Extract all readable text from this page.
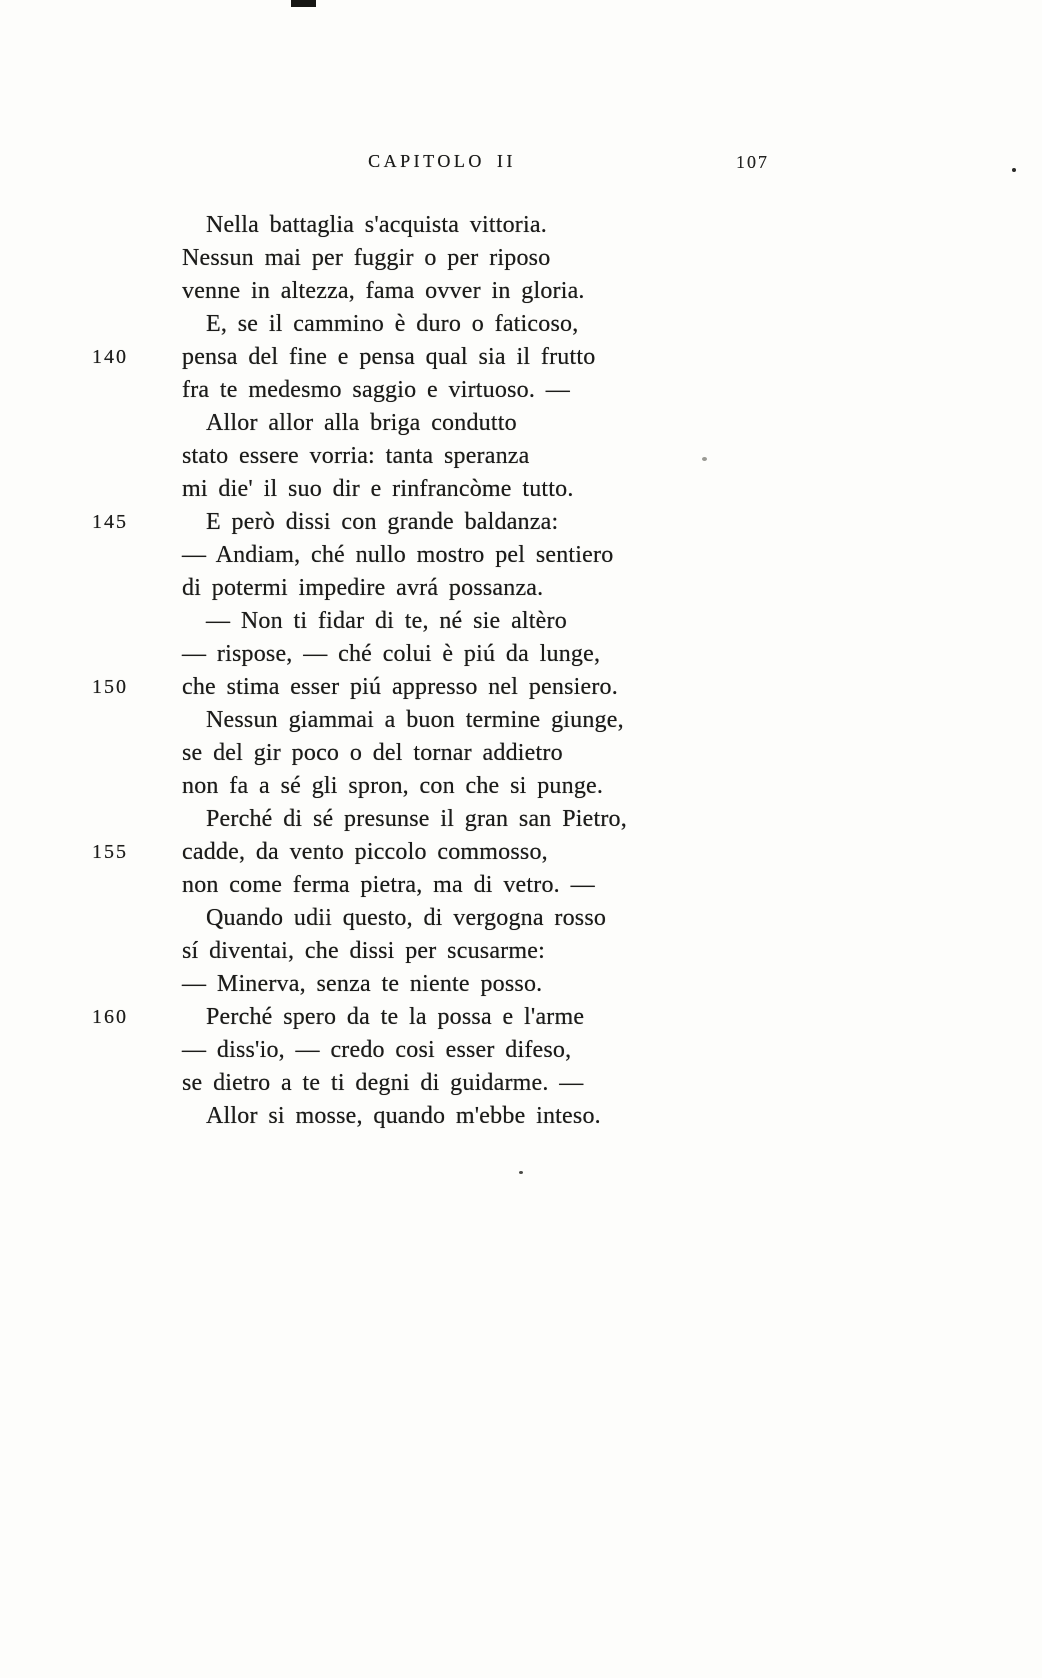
CAPITOLO II	107
Nella battaglia s'acquista vittoria.
Nessun mai per fuggir o per riposo
venne in altezza, fama ovver in gloria.
E, se il cammino è duro o faticoso,
140 pensa del fine e pensa qual sia il frutto
fra te medesmo saggio e virtuoso. —
Allor allor alla briga condutto
stato essere vorria: tanta speranza
mi die' il suo dir e rinfrancòme tutto.
145	E però dissi con grande baldanza:
— Andiam, ché nullo mostro pel sentiero
di potermi impedire avrá possanza.
— Non ti fidar di te, né sie altèro
— rispose, — ché colui è piú da lunge,
150 che stima esser piú appresso nel pensiero.
Nessun giammai a buon termine giunge,
se del gir poco o del tornar addietro
non fa a sé gli spron, con che si punge.
Perché di sé presunse il gran san Pietro,
155 cadde, da vento piccolo commosso,
non come ferma pietra, ma di vetro. —
Quando udii questo, di vergogna rosso
sí diventai, che dissi per scusarme:
— Minerva, senza te niente posso.
160	Perché spero da te la possa e l'arme
— diss'io, — credo cosi esser difeso,
se dietro a te ti degni di guidarme. —
Allor si mosse, quando m'ebbe inteso.
